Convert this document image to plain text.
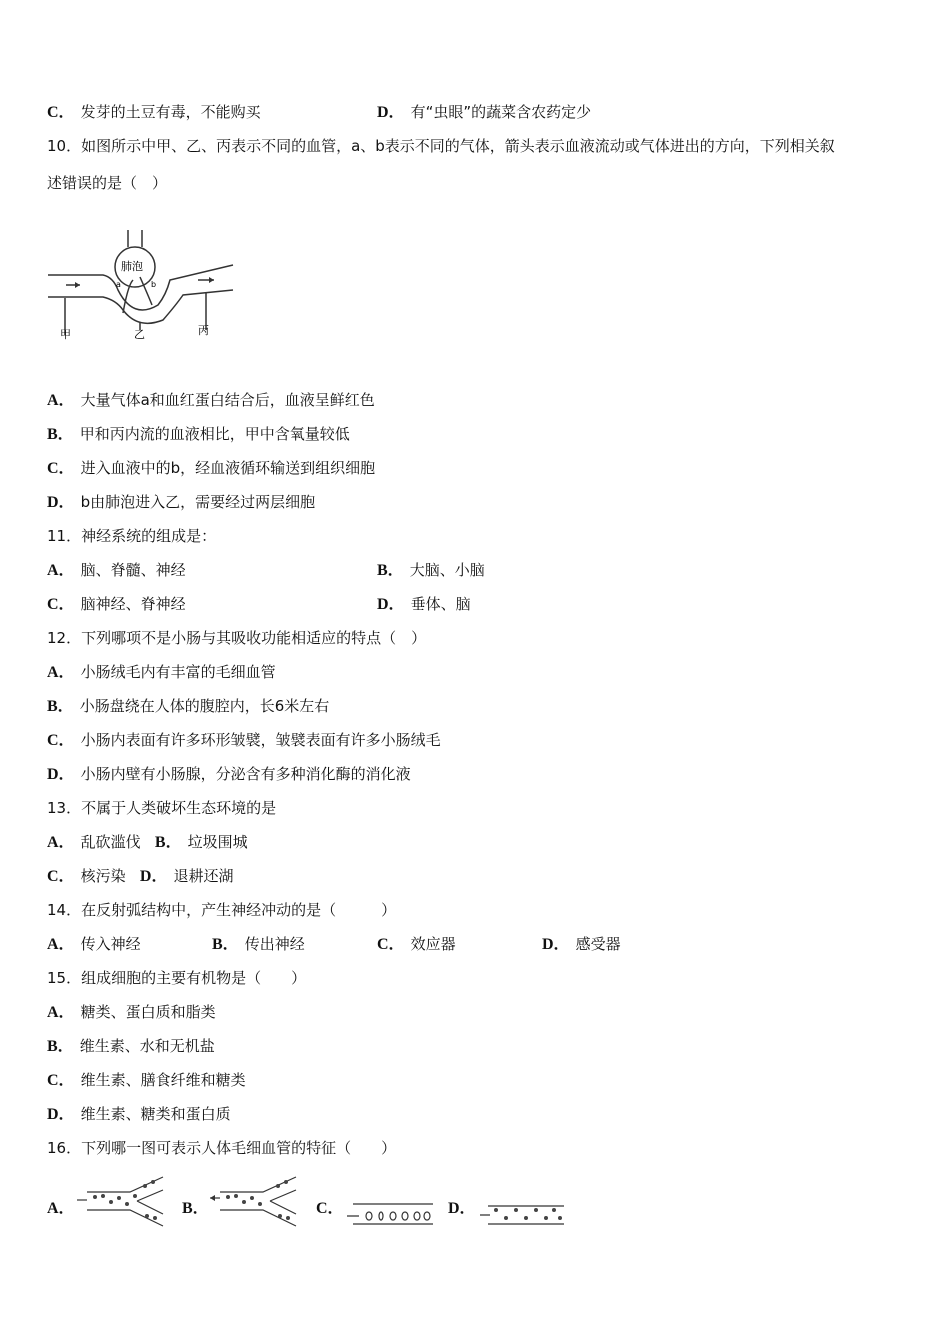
C． 发芽的土豆有毒，不能购买	D． 有“虫眼”的蔬菜含农药定少
10．如图所示中甲、乙、丙表示不同的血管，a、b表示不同的气体，箭头表示血液流动或气体进出的方向，下列相关叙
述错误的是（　）
肺泡
a	b
甲	乙	丙
A． 大量气体a和血红蛋白结合后，血液呈鲜红色
B． 甲和丙内流的血液相比，甲中含氧量较低
C． 进入血液中的b，经血液循环输送到组织细胞
D． b由肺泡进入乙，需要经过两层细胞
11．神经系统的组成是：
A． 脑、脊髓、神经	B． 大脑、小脑
C． 脑神经、脊神经	D． 垂体、脑
12．下列哪项不是小肠与其吸收功能相适应的特点（　）
A． 小肠绒毛内有丰富的毛细血管
B． 小肠盘绕在人体的腹腔内，长6米左右
C． 小肠内表面有许多环形皱襞，皱襞表面有许多小肠绒毛
D． 小肠内壁有小肠腺，分泌含有多种消化酶的消化液
13．不属于人类破坏生态环境的是
A． 乱砍滥伐 B． 垃圾围城
C． 核污染 D． 退耕还湖
14．在反射弧结构中，产生神经冲动的是（　　　）
A． 传入神经	B． 传出神经	C． 效应器	D． 感受器
15．组成细胞的主要有机物是（　　）
A． 糖类、蛋白质和脂类
B． 维生素、水和无机盐
C． 维生素、膳食纤维和糖类
D． 维生素、糖类和蛋白质
16．下列哪一图可表示人体毛细血管的特征（　　）
A．	B．	C．	D．
